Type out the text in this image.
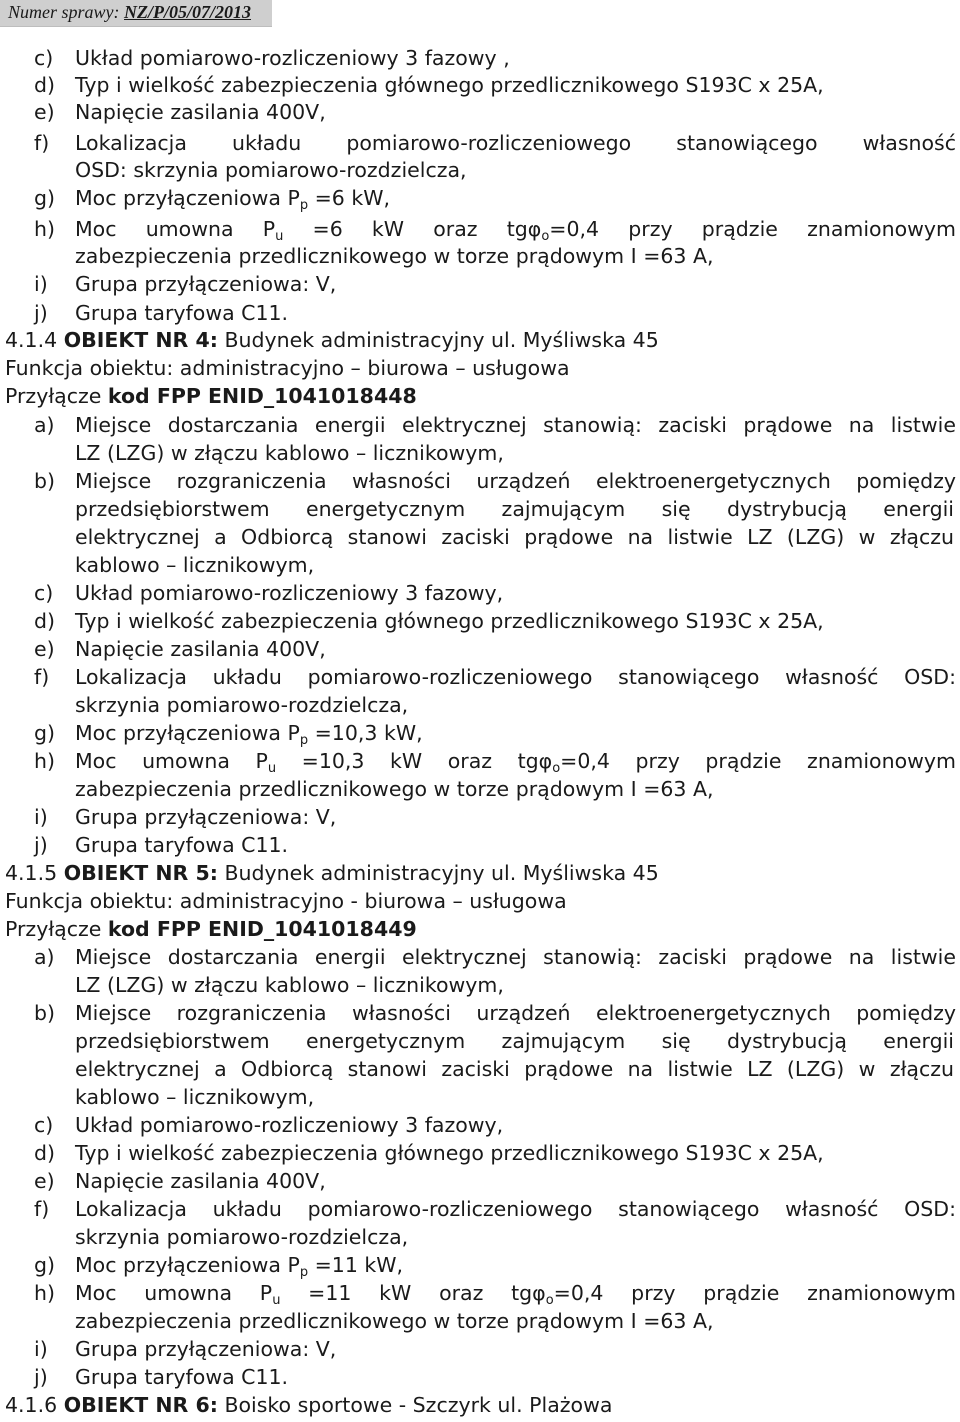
Numer sprawy: NZ/P/05/07/2013
c) Układ pomiarowo-rozliczeniowy 3 fazowy ,
d) Typ i wielkość zabezpieczenia głównego przedlicznikowego S193C x 25A,
e) Napięcie zasilania 400V,
f) Lokalizacja układu pomiarowo-rozliczeniowego stanowiącego własność
OSD: skrzynia pomiarowo-rozdzielcza,
g) Moc przyłączeniowa Pp =6 kW,
h) Moc umowna Pu =6 kW oraz tgφo=0,4 przy prądzie znamionowym
zabezpieczenia przedlicznikowego w torze prądowym I =63 A,
i) Grupa przyłączeniowa: V,
j) Grupa taryfowa C11.
4.1.4 OBIEKT NR 4: Budynek administracyjny ul. Myśliwska 45
Funkcja obiektu: administracyjno – biurowa – usługowa
Przyłącze kod FPP ENID_1041018448
a) Miejsce dostarczania energii elektrycznej stanowią: zaciski prądowe na listwie
LZ (LZG) w złączu kablowo – licznikowym,
b) Miejsce rozgraniczenia własności urządzeń elektroenergetycznych pomiędzy
przedsiębiorstwem energetycznym zajmującym się dystrybucją energii
elektrycznej a Odbiorcą stanowi zaciski prądowe na listwie LZ (LZG) w złączu
kablowo – licznikowym,
c) Układ pomiarowo-rozliczeniowy 3 fazowy,
d) Typ i wielkość zabezpieczenia głównego przedlicznikowego S193C x 25A,
e) Napięcie zasilania 400V,
f) Lokalizacja układu pomiarowo-rozliczeniowego stanowiącego własność OSD:
skrzynia pomiarowo-rozdzielcza,
g) Moc przyłączeniowa Pp =10,3 kW,
h) Moc umowna Pu =10,3 kW oraz tgφo=0,4 przy prądzie znamionowym
zabezpieczenia przedlicznikowego w torze prądowym I =63 A,
i) Grupa przyłączeniowa: V,
j) Grupa taryfowa C11.
4.1.5 OBIEKT NR 5: Budynek administracyjny ul. Myśliwska 45
Funkcja obiektu: administracyjno - biurowa – usługowa
Przyłącze kod FPP ENID_1041018449
a) Miejsce dostarczania energii elektrycznej stanowią: zaciski prądowe na listwie
LZ (LZG) w złączu kablowo – licznikowym,
b) Miejsce rozgraniczenia własności urządzeń elektroenergetycznych pomiędzy
przedsiębiorstwem energetycznym zajmującym się dystrybucją energii
elektrycznej a Odbiorcą stanowi zaciski prądowe na listwie LZ (LZG) w złączu
kablowo – licznikowym,
c) Układ pomiarowo-rozliczeniowy 3 fazowy,
d) Typ i wielkość zabezpieczenia głównego przedlicznikowego S193C x 25A,
e) Napięcie zasilania 400V,
f) Lokalizacja układu pomiarowo-rozliczeniowego stanowiącego własność OSD:
skrzynia pomiarowo-rozdzielcza,
g) Moc przyłączeniowa Pp =11 kW,
h) Moc umowna Pu =11 kW oraz tgφo=0,4 przy prądzie znamionowym
zabezpieczenia przedlicznikowego w torze prądowym I =63 A,
i) Grupa przyłączeniowa: V,
j) Grupa taryfowa C11.
4.1.6 OBIEKT NR 6: Boisko sportowe - Szczyrk ul. Plażowa
